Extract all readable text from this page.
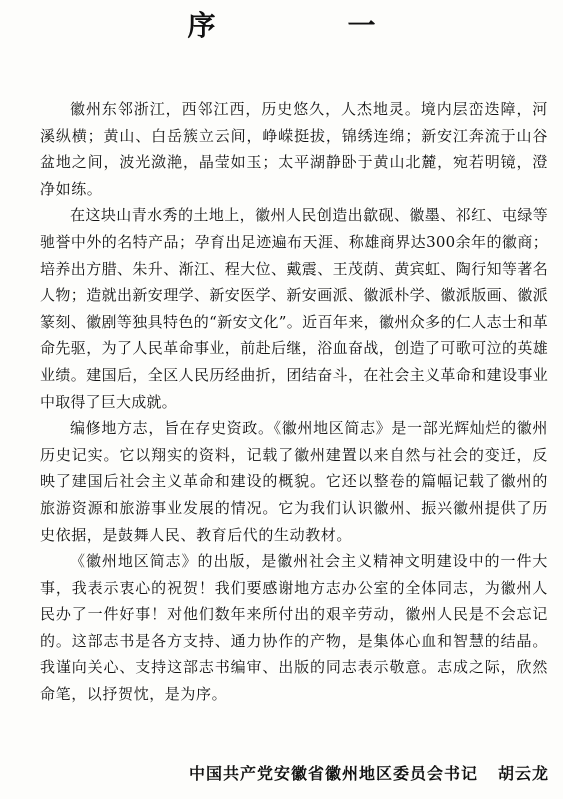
序　一

徽州东邻浙江，西邻江西，历史悠久，人杰地灵。境内层峦迭障，河溪纵横；黄山、白岳簇立云间，峥嵘挺拔，锦绣连绵；新安江奔流于山谷盆地之间，波光潋滟，晶莹如玉；太平湖静卧于黄山北麓，宛若明镜，澄净如练。

在这块山青水秀的土地上，徽州人民创造出歙砚、徽墨、祁红、屯绿等驰誉中外的名特产品；孕育出足迹遍布天涯、称雄商界达300余年的徽商；培养出方腊、朱升、渐江、程大位、戴震、王茂荫、黄宾虹、陶行知等著名人物；造就出新安理学、新安医学、新安画派、徽派朴学、徽派版画、徽派篆刻、徽剧等独具特色的“新安文化”。近百年来，徽州众多的仁人志士和革命先驱，为了人民革命事业，前赴后继，浴血奋战，创造了可歌可泣的英雄业绩。建国后，全区人民历经曲折，团结奋斗，在社会主义革命和建设事业中取得了巨大成就。

编修地方志，旨在存史资政。《徽州地区简志》是一部光辉灿烂的徽州历史记实。它以翔实的资料，记载了徽州建置以来自然与社会的变迁，反映了建国后社会主义革命和建设的概貌。它还以整卷的篇幅记载了徽州的旅游资源和旅游事业发展的情况。它为我们认识徽州、振兴徽州提供了历史依据，是鼓舞人民、教育后代的生动教材。

《徽州地区简志》的出版，是徽州社会主义精神文明建设中的一件大事，我表示衷心的祝贺！我们要感谢地方志办公室的全体同志，为徽州人民办了一件好事！对他们数年来所付出的艰辛劳动，徽州人民是不会忘记的。这部志书是各方支持、通力协作的产物，是集体心血和智慧的结晶。我谨向关心、支持这部志书编审、出版的同志表示敬意。志成之际，欣然命笔，以抒贺忱，是为序。

中国共产党安徽省徽州地区委员会书记 胡云龙
